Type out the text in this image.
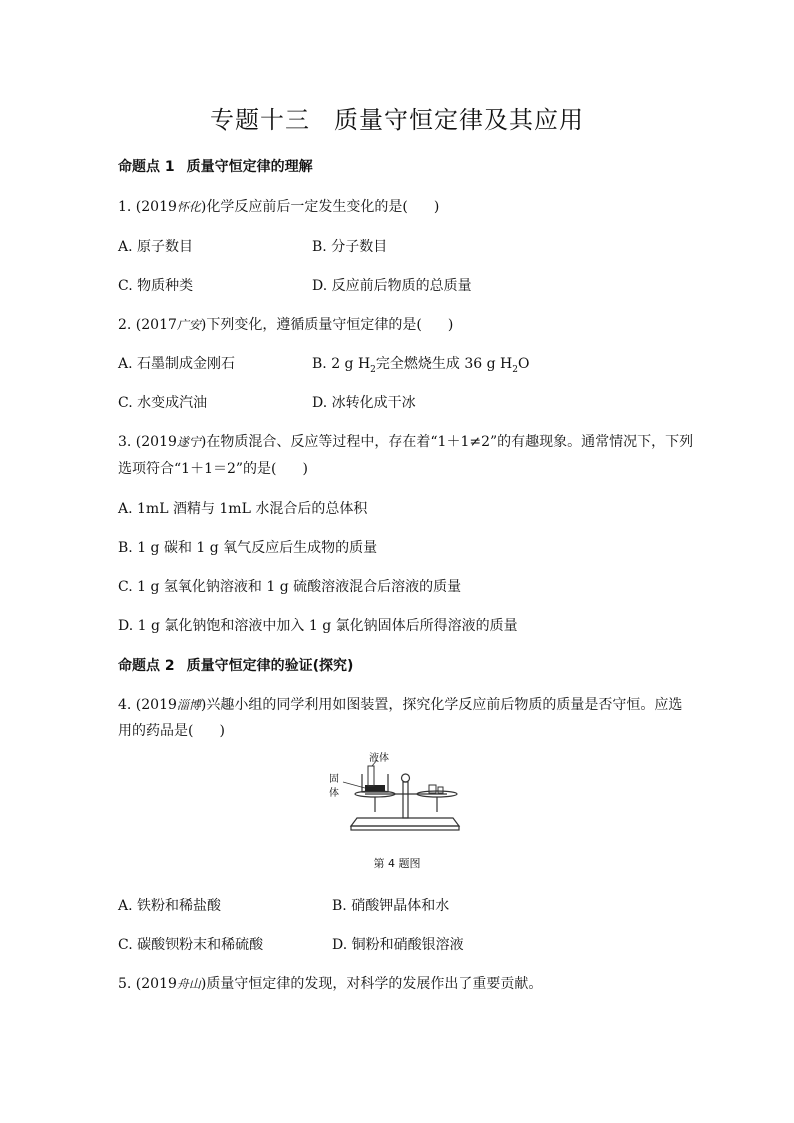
专题十三 质量守恒定律及其应用
命题点 1 质量守恒定律的理解
1. (2019怀化)化学反应前后一定发生变化的是( )
A. 原子数目	B. 分子数目
C. 物质种类	D. 反应前后物质的总质量
2. (2017广安)下列变化，遵循质量守恒定律的是( )
A. 石墨制成金刚石	B. 2 g $H_2$完全燃烧生成 36 g $H_2O$
C. 水变成汽油	D. 冰转化成干冰
3. (2019遂宁)在物质混合、反应等过程中，存在着“1＋1≠2”的有趣现象。通常情况下，下列
选项符合“1＋1＝2”的是( )
A. 1mL 酒精与 1mL 水混合后的总体积
B. 1 g 碳和 1 g 氧气反应后生成物的质量
C. 1 g 氢氧化钠溶液和 1 g 硫酸溶液混合后溶液的质量
D. 1 g 氯化钠饱和溶液中加入 1 g 氯化钠固体后所得溶液的质量
命题点 2 质量守恒定律的验证(探究)
4. (2019淄博)兴趣小组的同学利用如图装置，探究化学反应前后物质的质量是否守恒。应选
用的药品是( )
液体
固
体
第 4 题图
A. 铁粉和稀盐酸	B. 硝酸钾晶体和水
C. 碳酸钡粉末和稀硫酸	D. 铜粉和硝酸银溶液
5. (2019舟山)质量守恒定律的发现，对科学的发展作出了重要贡献。
